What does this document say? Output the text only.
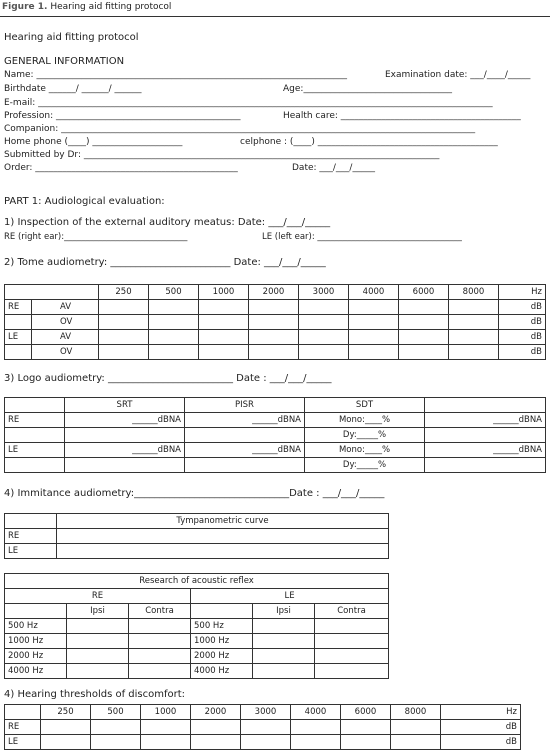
Figure 1. Hearing aid fitting protocol
Hearing aid fitting protocol
GENERAL INFORMATION
Name: _____________________________________________________________________	Examination date: ___/____/_____
Birthdate ______/ ______/ ______	Age:_________________________________
E-mail: _____________________________________________________________________________________________________
Profession: _________________________________________	Health care: ________________________________________
Companion: ____________________________________________________________________________________________
Home phone (____) ____________________	celphone : (____) ________________________________________
Submitted by Dr: _______________________________________________________________________________
Order: _____________________________________________	Date: ___/___/_____
PART 1: Audiological evaluation:
1) Inspection of the external auditory meatus: Date: ___/___/_____
RE (right ear):_____________________________	LE (left ear): __________________________________
2) Tome audiometry: ________________________ Date: ___/___/_____
		250	500	1000	2000	3000	4000	6000	8000	Hz
RE	AV									dB
	OV									dB
LE	AV									dB
	OV									dB
3) Logo audiometry: _________________________ Date : ___/___/_____
	SRT	PISR	SDT	
RE	______dBNA	______dBNA	Mono:____%	______dBNA
			Dy:_____%	
LE	______dBNA	______dBNA	Mono:____%	______dBNA
			Dy:_____%	
4) Immitance audiometry:_______________________________Date : ___/___/_____
	Tympanometric curve
RE	
LE	
Research of acoustic reflex					
RE			LE		
	Ipsi	Contra		Ipsi	Contra
500 Hz			500 Hz		
1000 Hz			1000 Hz		
2000 Hz			2000 Hz		
4000 Hz			4000 Hz		
4) Hearing thresholds of discomfort:
	250	500	1000	2000	3000	4000	6000	8000	Hz
RE									dB
LE									dB
